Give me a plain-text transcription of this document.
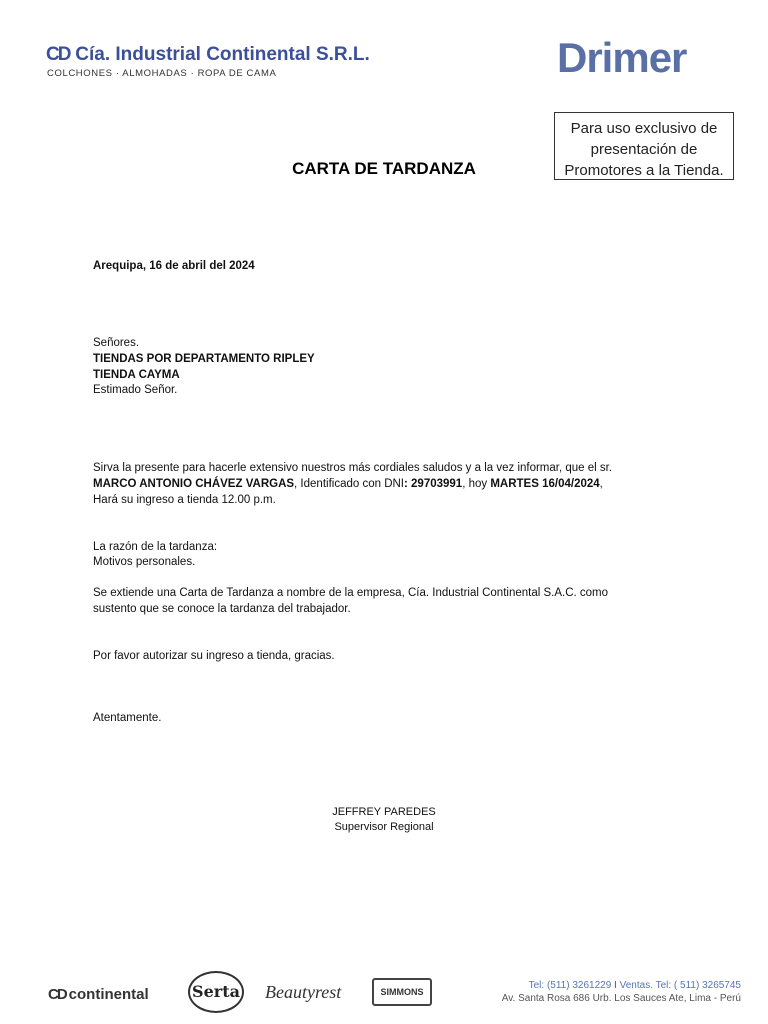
CD Cía. Industrial Continental S.R.L.
COLCHONES · ALMOHADAS · ROPA DE CAMA	Drimer
Para uso exclusivo de
presentación de
Promotores a la Tienda.
CARTA DE TARDANZA
Arequipa, 16 de abril del 2024
Señores.
TIENDAS POR DEPARTAMENTO RIPLEY
TIENDA CAYMA
Estimado Señor.
Sirva la presente para hacerle extensivo nuestros más cordiales saludos y a la vez informar, que el sr.
MARCO ANTONIO CHÁVEZ VARGAS, Identificado con DNI: 29703991, hoy MARTES 16/04/2024,
Hará su ingreso a tienda 12.00 p.m.
La razón de la tardanza:
Motivos personales.
Se extiende una Carta de Tardanza a nombre de la empresa, Cía. Industrial Continental S.A.C. como
sustento que se conoce la tardanza del trabajador.
Por favor autorizar su ingreso a tienda, gracias.
Atentamente.
JEFFREY PAREDES
Supervisor Regional
CD continental	Serta Beautyrest	SIMMONS
Tel: (511) 3261229 I Ventas. Tel: ( 511) 3265745
Av. Santa Rosa 686 Urb. Los Sauces Ate, Lima - Perú
